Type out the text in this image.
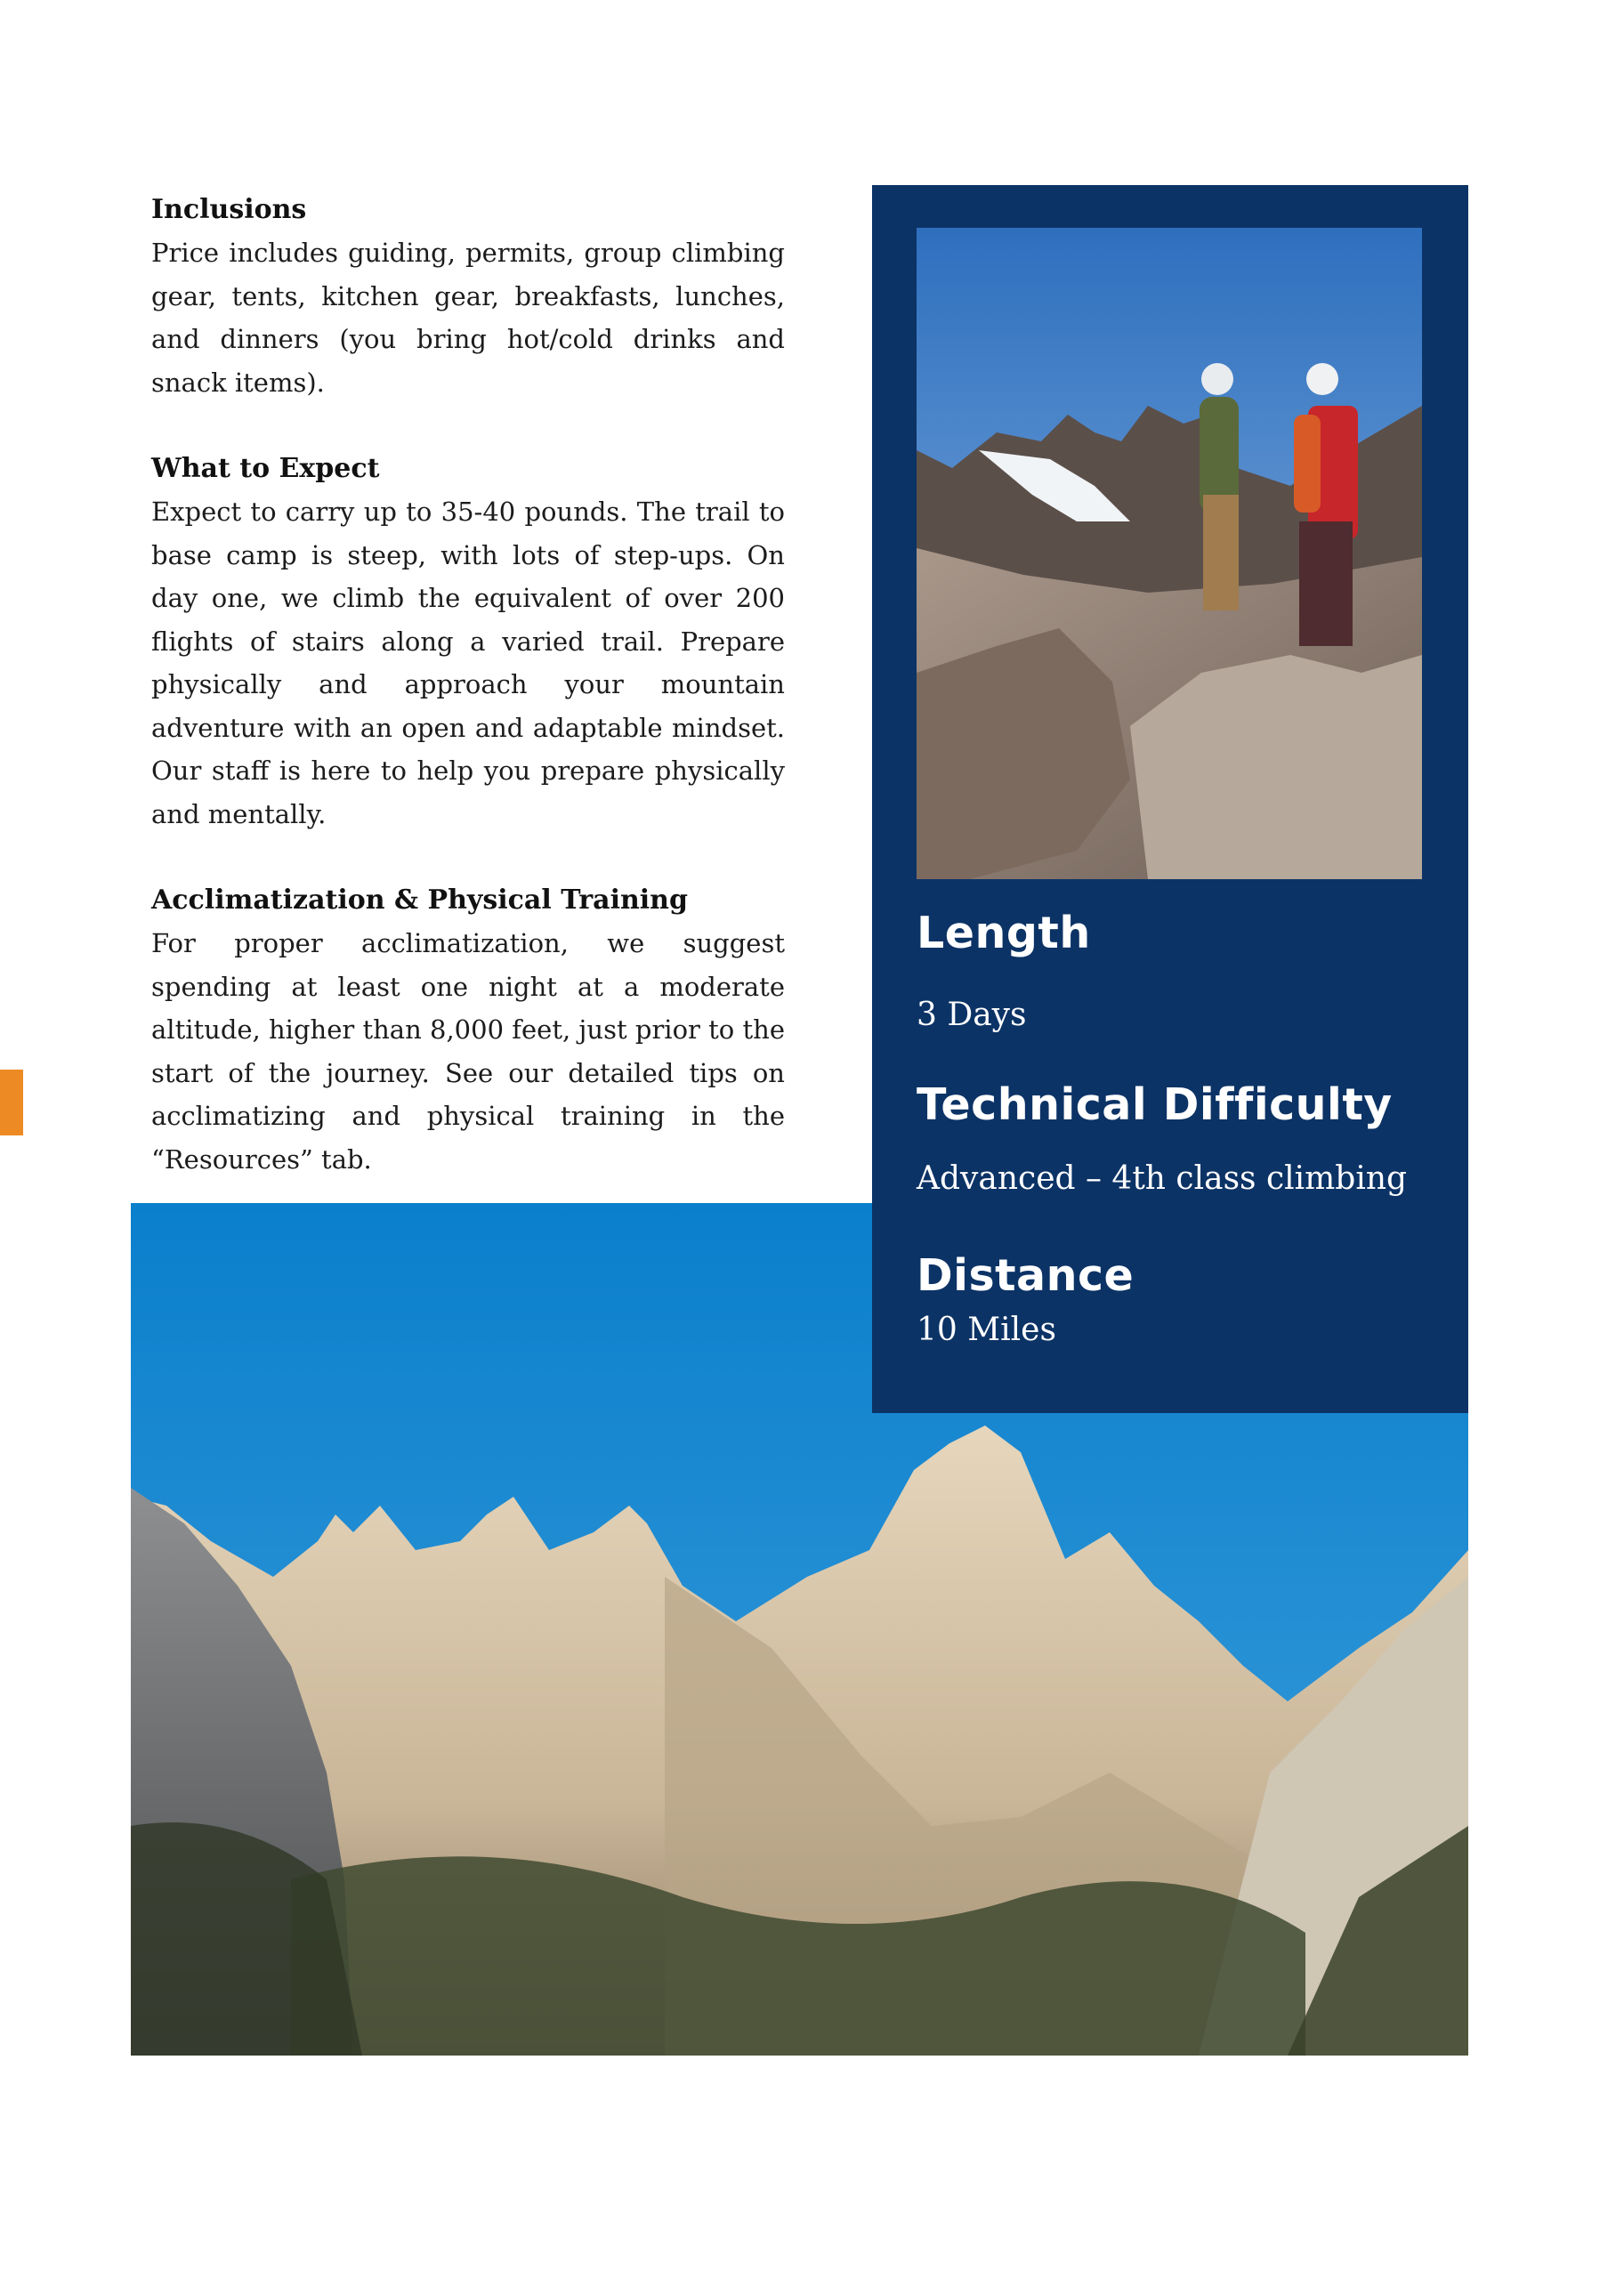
Inclusions

Price includes guiding, permits, group climbing gear, tents, kitchen gear, breakfasts, lunches, and dinners (you bring hot/cold drinks and snack items).

What to Expect

Expect to carry up to 35-40 pounds. The trail to base camp is steep, with lots of step-ups. On day one, we climb the equivalent of over 200 flights of stairs along a varied trail. Prepare physically and approach your mountain adventure with an open and adaptable mindset. Our staff is here to help you prepare physically and mentally.

Acclimatization & Physical Training

For proper acclimatization, we suggest spending at least one night at a moderate altitude, higher than 8,000 feet, just prior to the start of the journey. See our detailed tips on acclimatizing and physical training in the “Resources” tab.

Length

3 Days

Technical Difficulty

Advanced – 4th class climbing

Distance

10 Miles
